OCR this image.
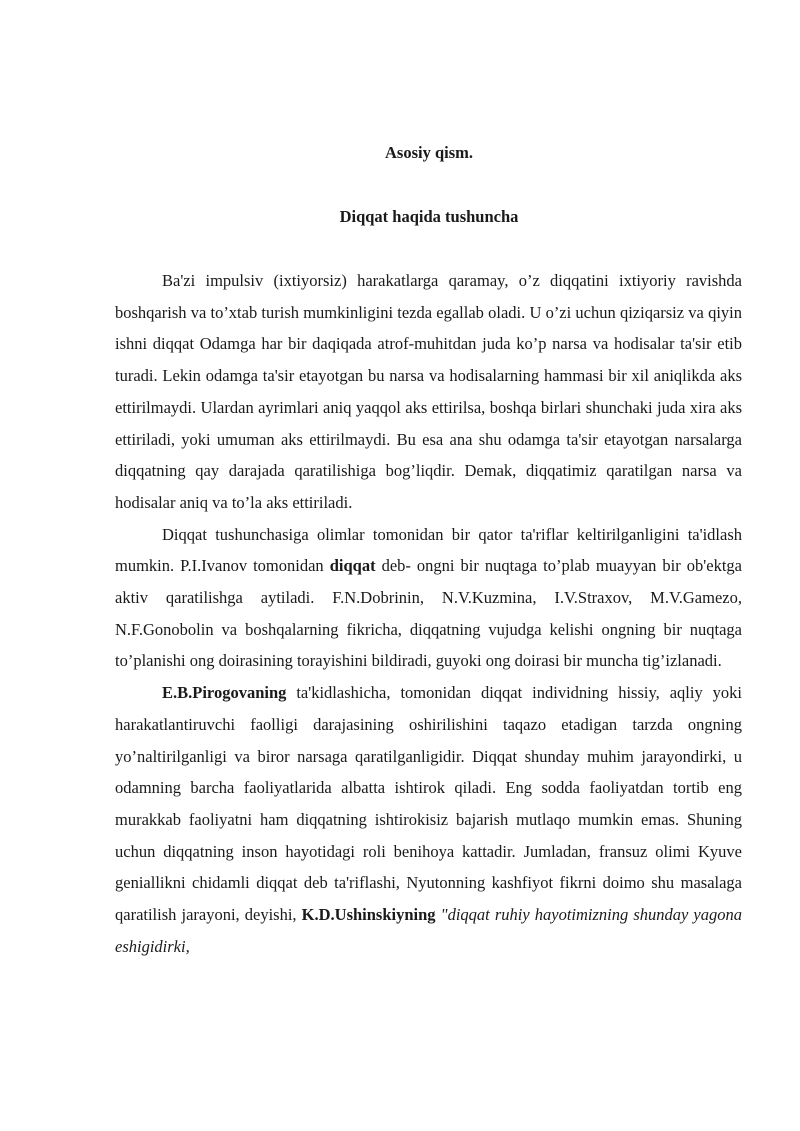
Asosiy qism.
Diqqat haqida tushuncha

Ba'zi impulsiv (ixtiyorsiz) harakatlarga qaramay, o’z diqqatini ixtiyoriy ravishda boshqarish va to’xtab turish mumkinligini tezda egallab oladi. U o’zi uchun qiziqarsiz va qiyin ishni diqqat Odamga har bir daqiqada atrof-muhitdan juda ko’p narsa va hodisalar ta'sir etib turadi. Lekin odamga ta'sir etayotgan bu narsa va hodisalarning hammasi bir xil aniqlikda aks ettirilmaydi. Ulardan ayrimlari aniq yaqqol aks ettirilsa, boshqa birlari shunchaki juda xira aks ettiriladi, yoki umuman aks ettirilmaydi. Bu esa ana shu odamga ta'sir etayotgan narsalarga diqqatning qay darajada qaratilishiga bog’liqdir. Demak, diqqatimiz qaratilgan narsa va hodisalar aniq va to’la aks ettiriladi.

Diqqat tushunchasiga olimlar tomonidan bir qator ta'riflar keltirilganligini ta'idlash mumkin. P.I.Ivanov tomonidan diqqat deb- ongni bir nuqtaga to’plab muayyan bir ob'ektga aktiv qaratilishga aytiladi. F.N.Dobrinin, N.V.Kuzmina, I.V.Straxov, M.V.Gamezo, N.F.Gonobolin va boshqalarning fikricha, diqqatning vujudga kelishi ongning bir nuqtaga to’planishi ong doirasining torayishini bildiradi, guyoki ong doirasi bir muncha tig’izlanadi.

E.B.Pirogovaning ta'kidlashicha, tomonidan diqqat individning hissiy, aqliy yoki harakatlantiruvchi faolligi darajasining oshirilishini taqazo etadigan tarzda ongning yo’naltirilganligi va biror narsaga qaratilganligidir. Diqqat shunday muhim jarayondirki, u odamning barcha faoliyatlarida albatta ishtirok qiladi. Eng sodda faoliyatdan tortib eng murakkab faoliyatni ham diqqatning ishtirokisiz bajarish mutlaqo mumkin emas. Shuning uchun diqqatning inson hayotidagi roli benihoya kattadir. Jumladan, fransuz olimi Kyuve geniallikni chidamli diqqat deb ta'riflashi, Nyutonning kashfiyot fikrni doimo shu masalaga qaratilish jarayoni, deyishi, K.D.Ushinskiyning "diqqat ruhiy hayotimizning shunday yagona eshigidirki,
